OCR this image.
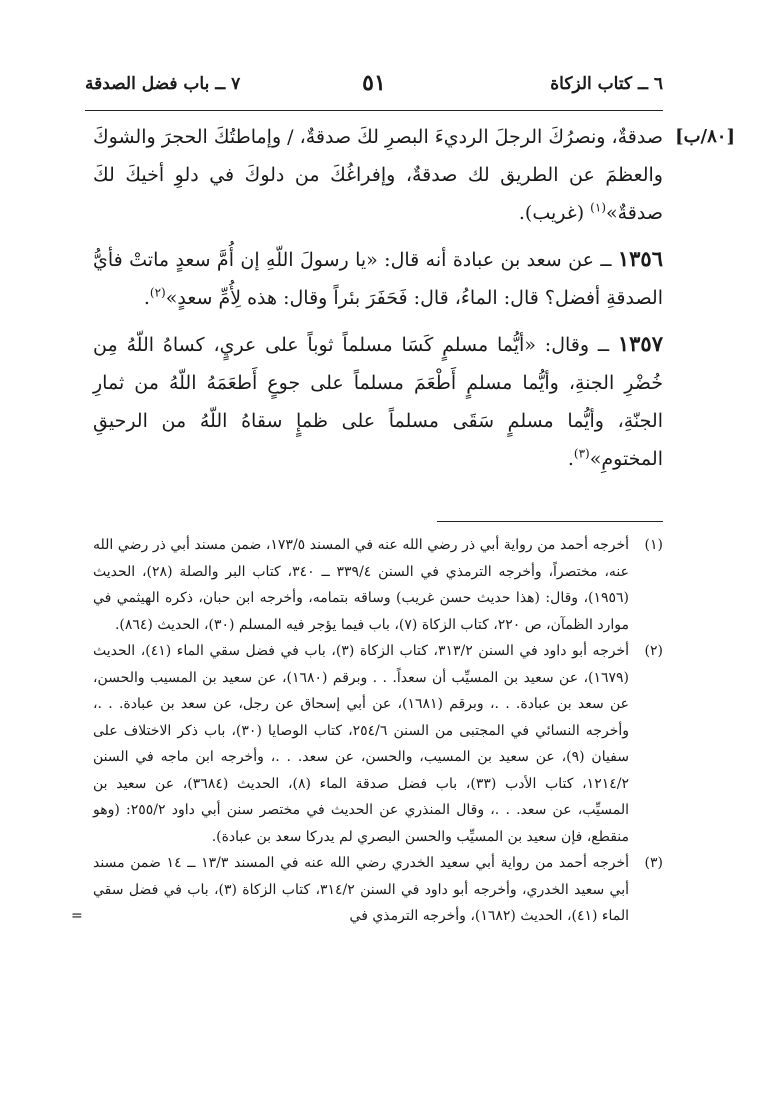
٦ ــ كتاب الزكاة
٥١
٧ ــ باب فضل الصدقة
[٨٠/ب]

صدقةٌ، ونصرُكَ الرجلَ الرديءَ البصرِ لكَ صدقةٌ، / وإماطتُكَ الحجرَ والشوكَ والعظمَ عن الطريق لك صدقةٌ، وإفراغُكَ من دلوكَ في دلوِ أخيكَ لكَ صدقةٌ»$^{(١)}$ (غريب).

١٣٥٦ ــ عن سعد بن عبادة أنه قال: «يا رسولَ اللّهِ إن أُمَّ سعدٍ ماتتْ فأيُّ الصدقةِ أفضل؟ قال: الماءُ، قال: فَحَفَرَ بئراً وقال: هذه لِأُمِّ سعدٍ»$^{(٢)}$.

١٣٥٧ ــ وقال: «أيُّما مسلمٍ كَسَا مسلماً ثوباً على عريٍ، كساهُ اللّهُ مِن خُضْرِ الجنةِ، وأيُّما مسلمٍ أَطْعَمَ مسلماً على جوعٍ أَطعَمَهُ اللّهُ من ثمارِ الجنّةِ، وأيُّما مسلمٍ سَقَى مسلماً على ظمإٍ سقاهُ اللّهُ من الرحيقِ المختومِ»$^{(٣)}$.

(١)
أخرجه أحمد من رواية أبي ذر رضي الله عنه في المسند ١٧٣/٥، ضمن مسند أبي ذر رضي الله عنه، مختصراً، وأخرجه الترمذي في السنن ٣٣٩/٤ ــ ٣٤٠، كتاب البر والصلة (٢٨)، الحديث (١٩٥٦)، وقال: (هذا حديث حسن غريب) وساقه بتمامه، وأخرجه ابن حبان، ذكره الهيثمي في موارد الظمآن، ص ٢٢٠، كتاب الزكاة (٧)، باب فيما يؤجر فيه المسلم (٣٠)، الحديث (٨٦٤).

(٢)
أخرجه أبو داود في السنن ٣١٣/٢، كتاب الزكاة (٣)، باب في فضل سقي الماء (٤١)، الحديث (١٦٧٩)، عن سعيد بن المسيِّب أن سعداً. . . وبرقم (١٦٨٠)، عن سعيد بن المسيب والحسن، عن سعد بن عبادة. . .، وبرقم (١٦٨١)، عن أبي إسحاق عن رجل، عن سعد بن عبادة. . .، وأخرجه النسائي في المجتبى من السنن ٢٥٤/٦، كتاب الوصايا (٣٠)، باب ذكر الاختلاف على سفيان (٩)، عن سعيد بن المسيب، والحسن، عن سعد. . .، وأخرجه ابن ماجه في السنن ١٢١٤/٢، كتاب الأدب (٣٣)، باب فضل صدقة الماء (٨)، الحديث (٣٦٨٤)، عن سعيد بن المسيِّب، عن سعد. . .، وقال المنذري عن الحديث في مختصر سنن أبي داود ٢٥٥/٢: (وهو منقطع، فإن سعيد بن المسيِّب والحسن البصري لم يدركا سعد بن عبادة).

(٣)
أخرجه أحمد من رواية أبي سعيد الخدري رضي الله عنه في المسند ١٣/٣ ــ ١٤ ضمن مسند أبي سعيد الخدري، وأخرجه أبو داود في السنن ٣١٤/٢، كتاب الزكاة (٣)، باب في فضل سقي الماء (٤١)، الحديث (١٦٨٢)، وأخرجه الترمذي في
=
